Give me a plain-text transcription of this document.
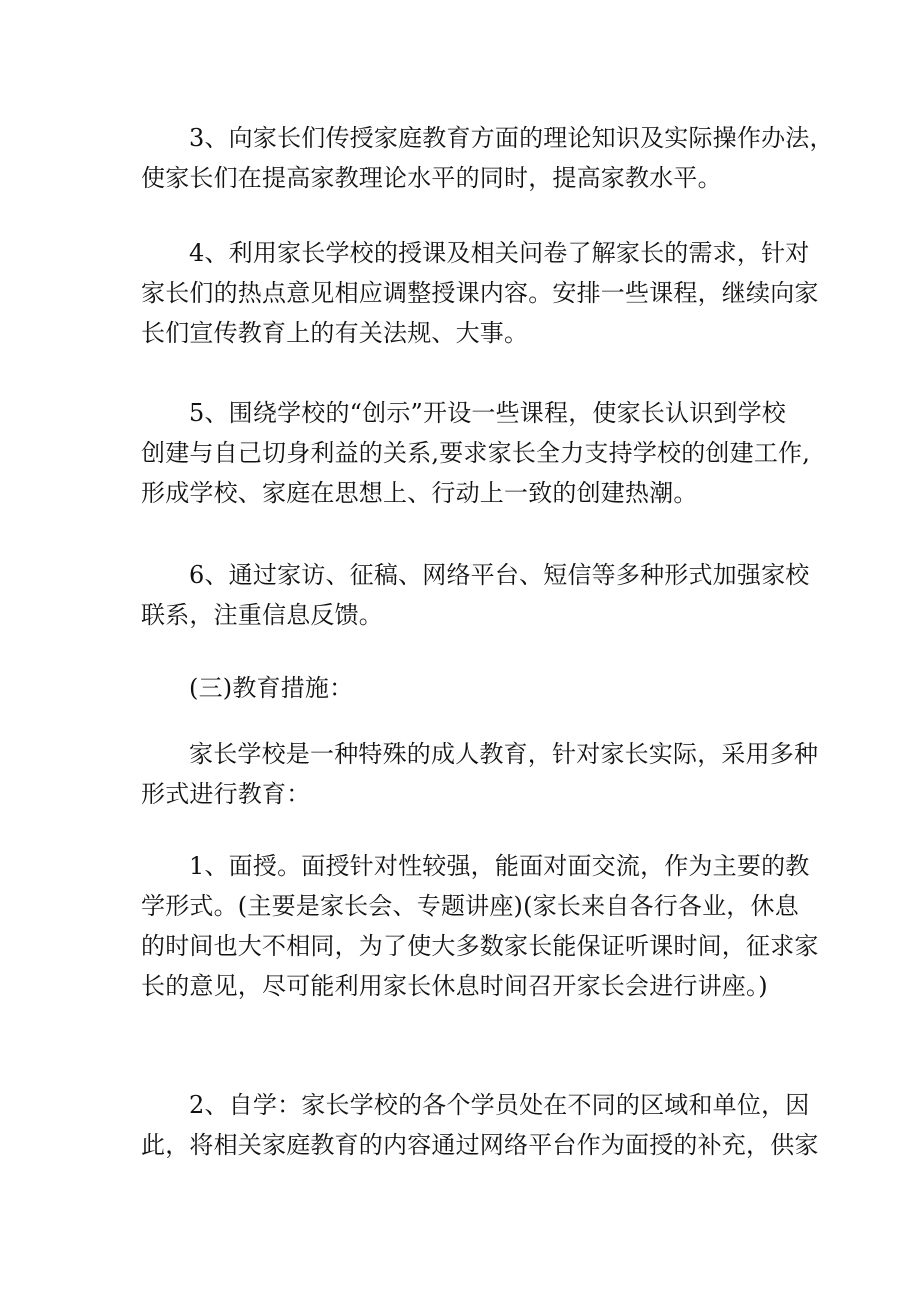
3、向家长们传授家庭教育方面的理论知识及实际操作办法，
使家长们在提高家教理论水平的同时，提高家教水平。
4、利用家长学校的授课及相关问卷了解家长的需求，针对
家长们的热点意见相应调整授课内容。安排一些课程，继续向家
长们宣传教育上的有关法规、大事。
5、围绕学校的“创示”开设一些课程，使家长认识到学校
创建与自己切身利益的关系,要求家长全力支持学校的创建工作,
形成学校、家庭在思想上、行动上一致的创建热潮。
6、通过家访、征稿、网络平台、短信等多种形式加强家校
联系，注重信息反馈。
(三)教育措施：
家长学校是一种特殊的成人教育，针对家长实际，采用多种
形式进行教育：
1、面授。面授针对性较强，能面对面交流，作为主要的教
学形式。(主要是家长会、专题讲座)(家长来自各行各业，休息
的时间也大不相同，为了使大多数家长能保证听课时间，征求家
长的意见，尽可能利用家长休息时间召开家长会进行讲座。)
2、自学：家长学校的各个学员处在不同的区域和单位，因
此，将相关家庭教育的内容通过网络平台作为面授的补充，供家
